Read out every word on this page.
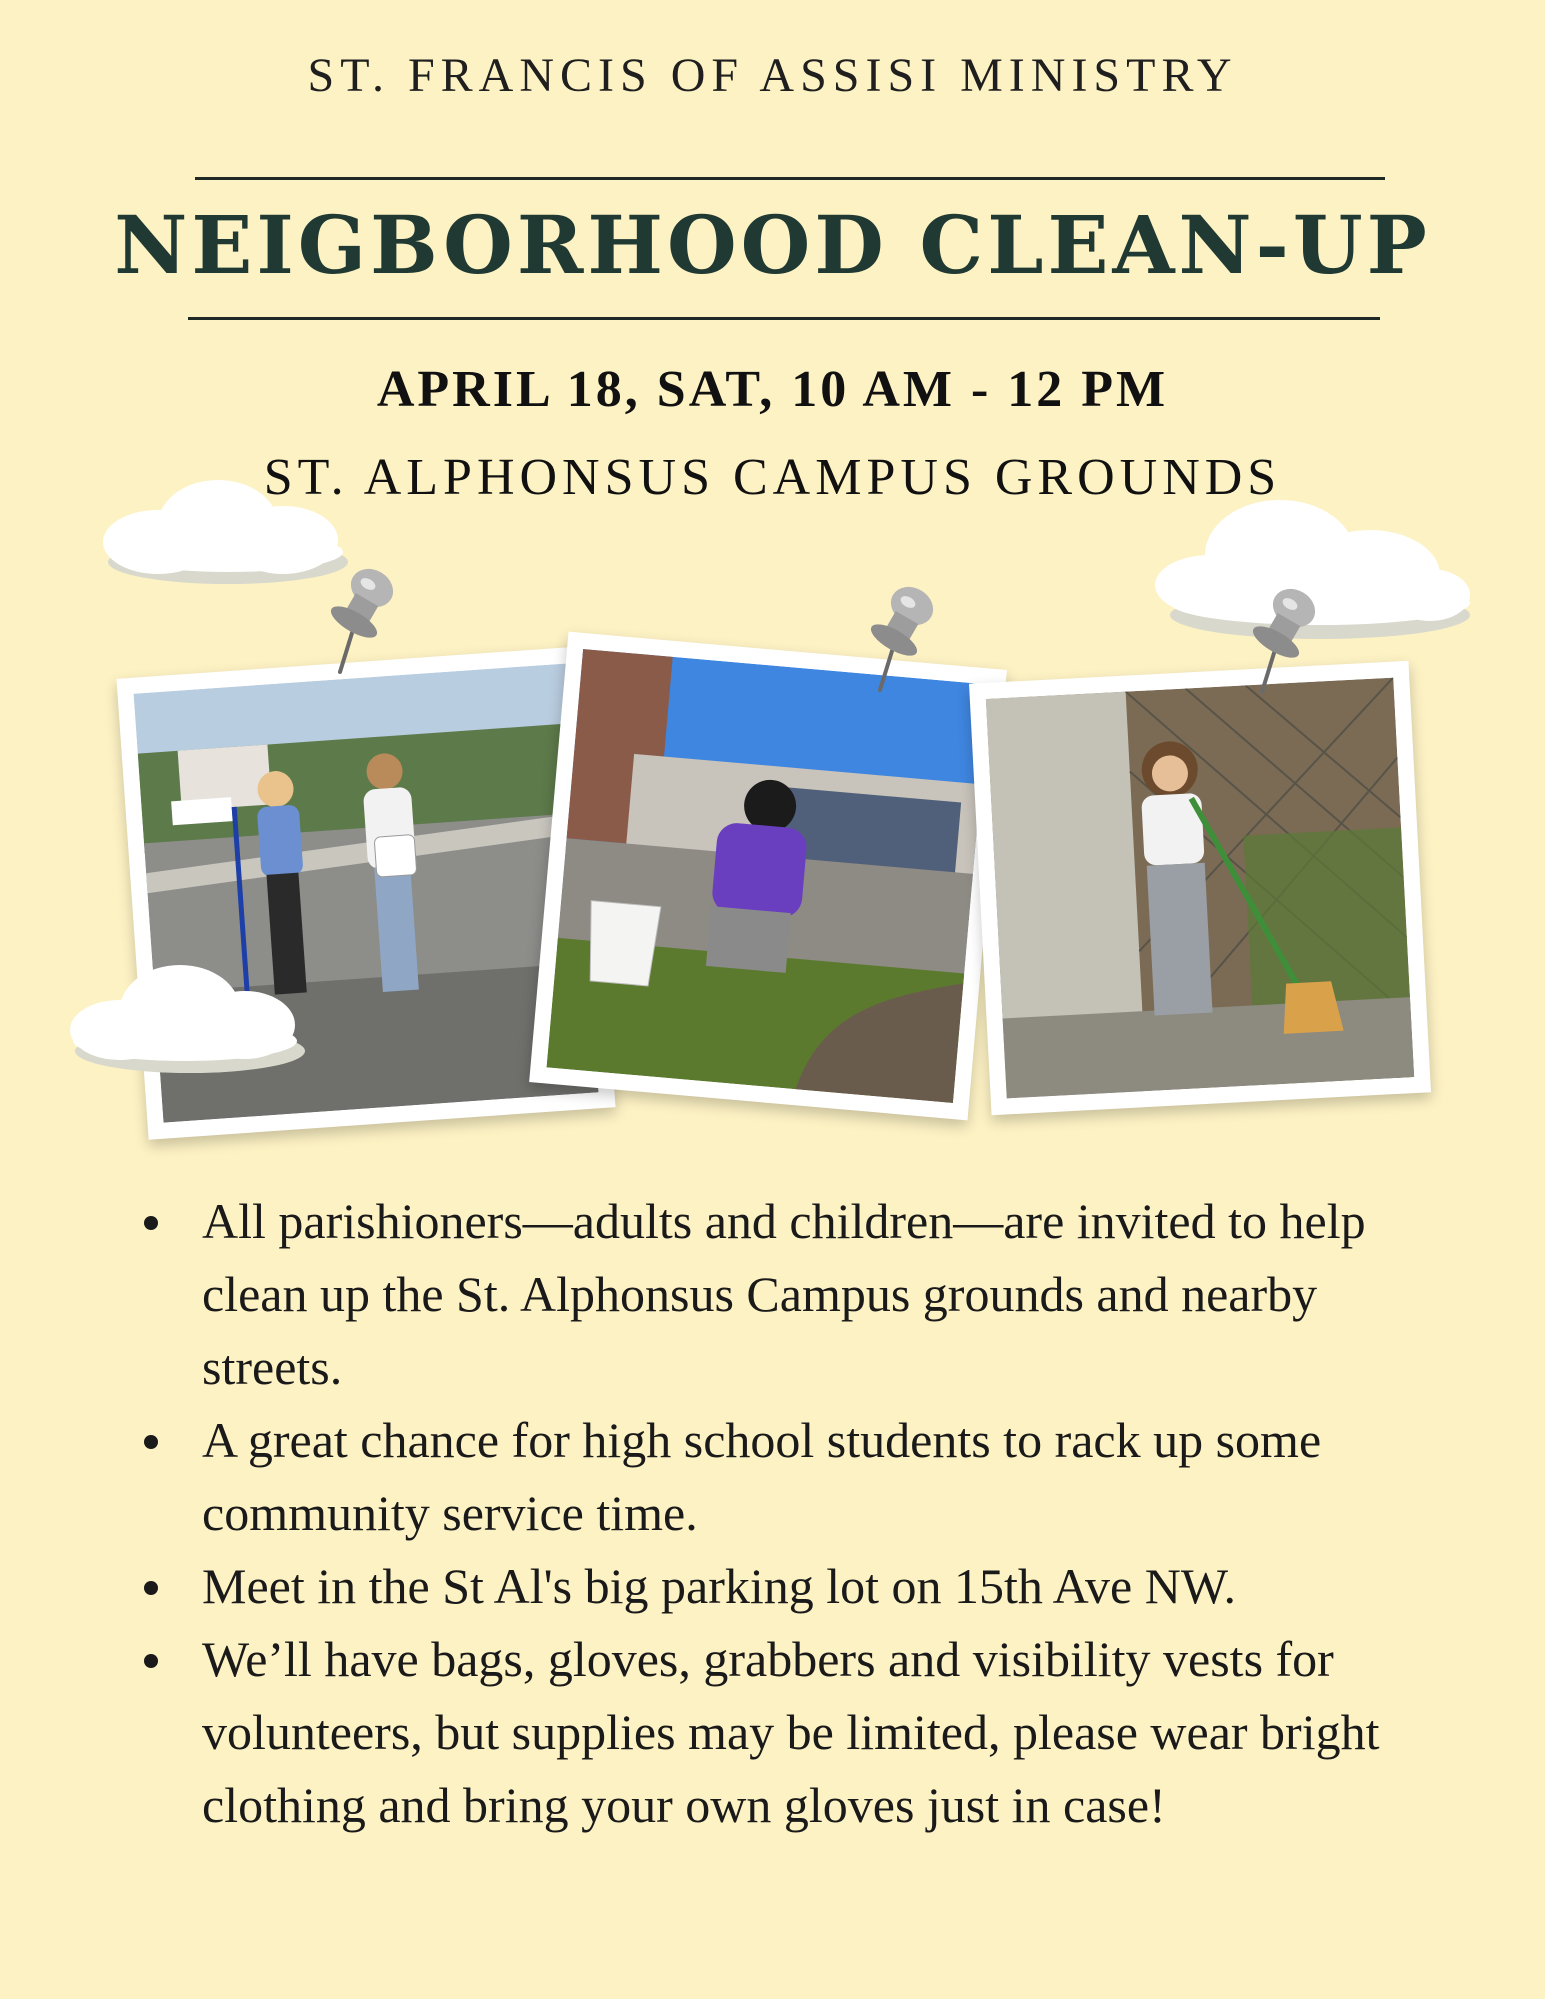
ST. FRANCIS OF ASSISI MINISTRY
NEIGBORHOOD CLEAN-UP
APRIL 18, SAT, 10 AM - 12 PM
ST. ALPHONSUS CAMPUS GROUNDS
All parishioners—adults and children—are invited to help clean up the St. Alphonsus Campus grounds and nearby streets.
A great chance for high school students to rack up some community service time.
Meet in the St Al's big parking lot on 15th Ave NW.
We’ll have bags, gloves, grabbers and visibility vests for volunteers, but supplies may be limited, please wear bright clothing and bring your own gloves just in case!
